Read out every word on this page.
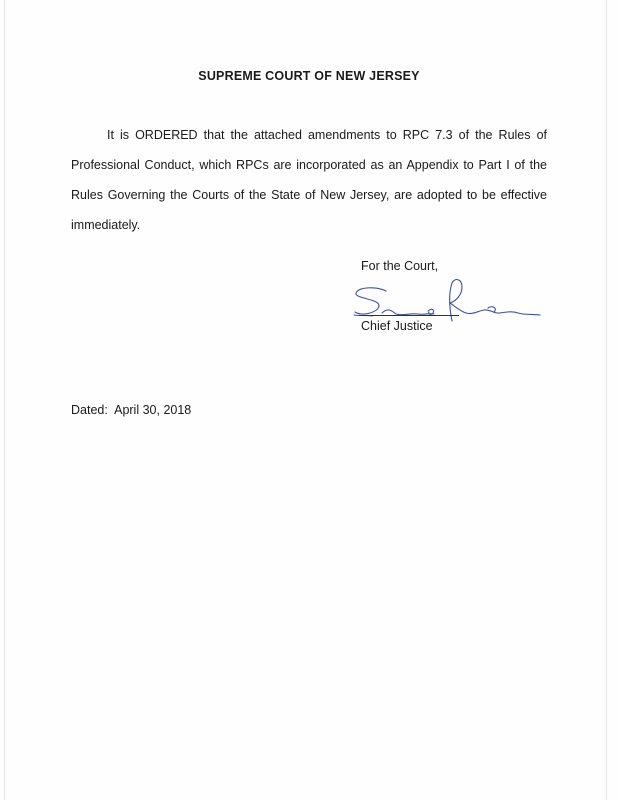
SUPREME COURT OF NEW JERSEY

It is ORDERED that the attached amendments to RPC 7.3 of the Rules of Professional Conduct, which RPCs are incorporated as an Appendix to Part I of the Rules Governing the Courts of the State of New Jersey, are adopted to be effective immediately.

For the Court,
Chief Justice
Dated: April 30, 2018
